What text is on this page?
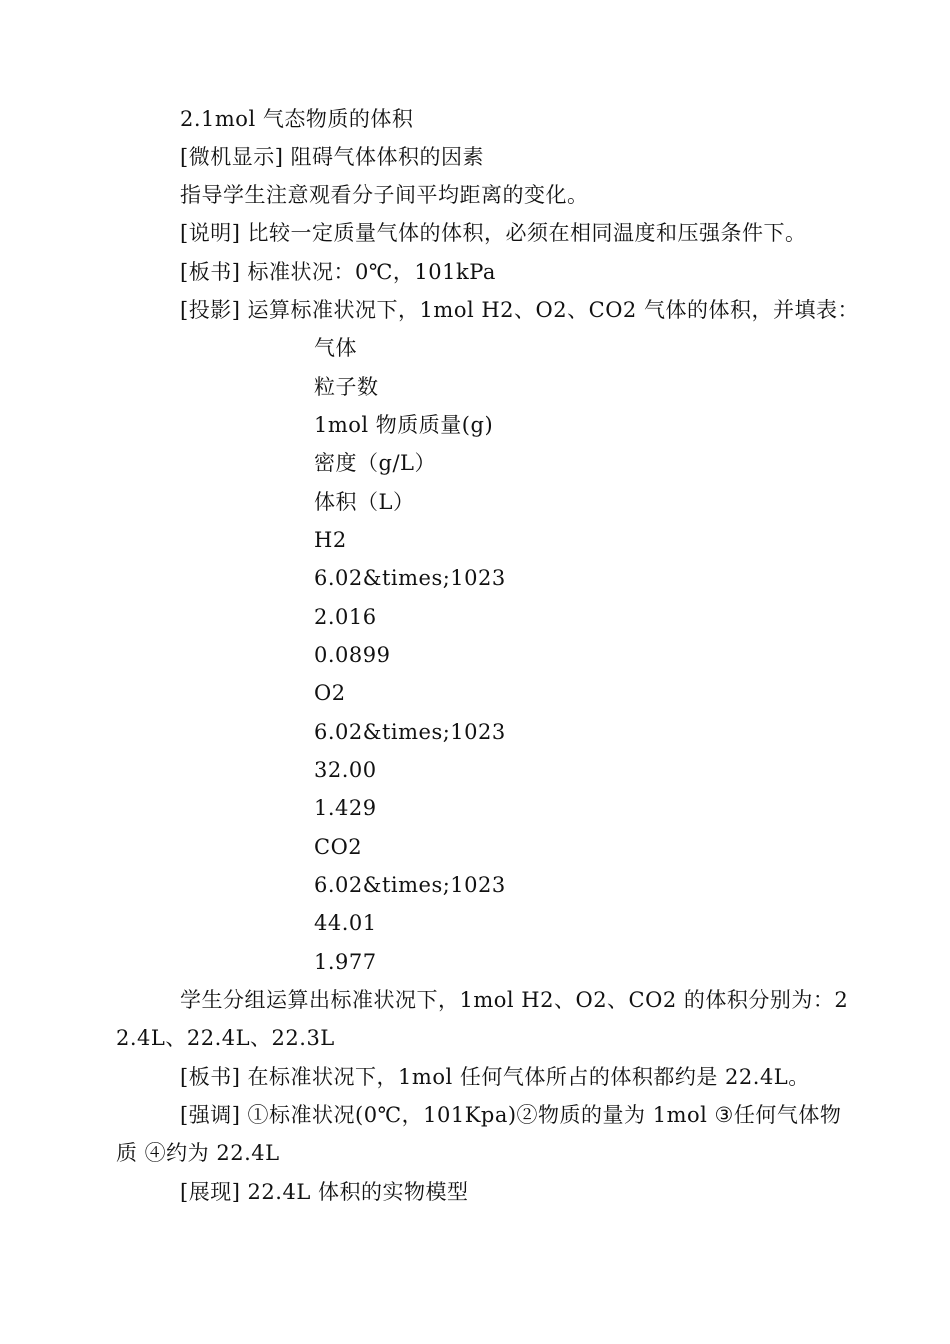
2.1mol 气态物质的体积
[微机显示] 阻碍气体体积的因素
指导学生注意观看分子间平均距离的变化。
[说明] 比较一定质量气体的体积，必须在相同温度和压强条件下。
[板书] 标准状况：0℃，101kPa
[投影] 运算标准状况下，1mol H2、O2、CO2 气体的体积，并填表：
气体
粒子数
1mol 物质质量(g)
密度（g/L）
体积（L）
H2
6.02&times;1023
2.016
0.0899
O2
6.02&times;1023
32.00
1.429
CO2
6.02&times;1023
44.01
1.977
学生分组运算出标准状况下，1mol H2、O2、CO2 的体积分别为：2
2.4L、22.4L、22.3L
[板书] 在标准状况下，1mol 任何气体所占的体积都约是 22.4L。
[强调] ①标准状况(0℃，101Kpa)②物质的量为 1mol ③任何气体物
质 ④约为 22.4L
[展现] 22.4L 体积的实物模型
